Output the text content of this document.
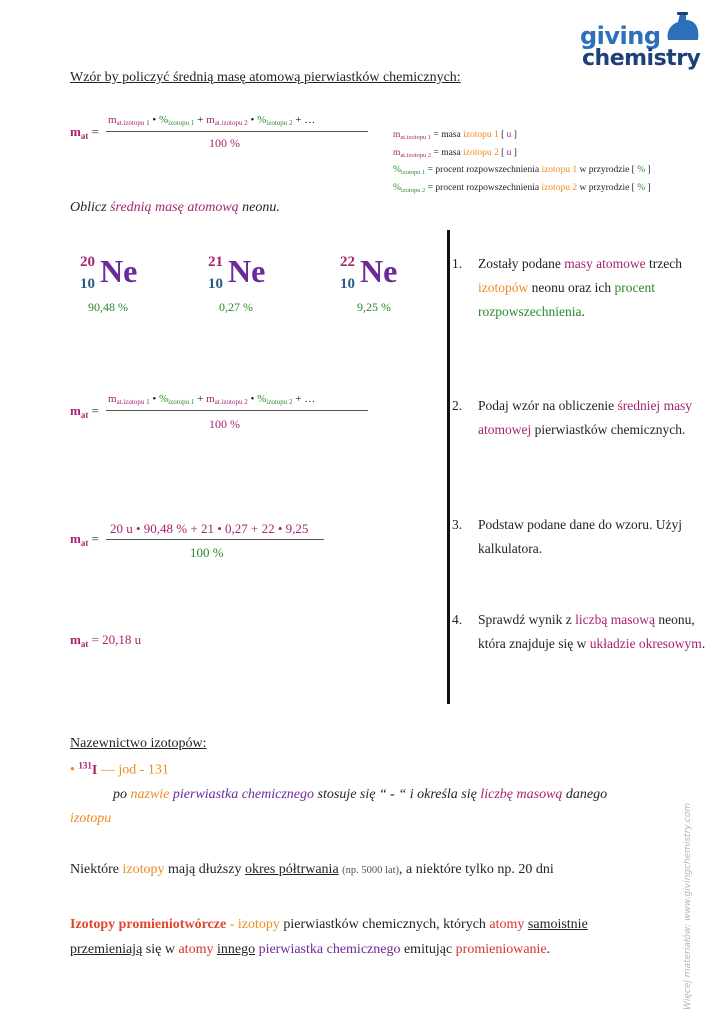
giving
chemistry
Wzór by policzyć średnią masę atomową pierwiastków chemicznych:
$m_{at}$ =
mat.izotopu 1 • %izotopu 1 + mat.izotopu 2 • %izotopu 2 + …
100 %
$m_{at.izotopu 1}$ = masa izotopu 1 [ u ]
$m_{at.izotopu 2}$ = masa izotopu 2 [ u ]
$\%_{izotopu 1}$ = procent rozpowszechnienia izotopu 1 w przyrodzie [ % ]
$\%_{izotopu 2}$ = procent rozpowszechnienia izotopu 2 w przyrodzie [ % ]
Oblicz średnią masę atomową neonu.
20
10 Ne
90,48 %
21
10 Ne
0,27 %
22
10 Ne
9,25 %
$m_{at}$ =
mat.izotopu 1 • %izotopu 1 + mat.izotopu 2 • %izotopu 2 + …
100 %
$m_{at}$ =
20 u • 90,48 % + 21 • 0,27 + 22 • 9,25
100 %
$m_{at} = 20,18$ u
1. Zostały podane masy atomowe trzech izotopów neonu oraz ich procent rozpowszechnienia.
2. Podaj wzór na obliczenie średniej masy atomowej pierwiastków chemicznych.
3. Podstaw podane dane do wzoru. Użyj kalkulatora.
4. Sprawdź wynik z liczbą masową neonu, która znajduje się w układzie okresowym.
Nazewnictwo izotopów:
• $^{131}$I — jod - 131
po nazwie pierwiastka chemicznego stosuje się “ - “ i określa się liczbę masową danego
izotopu
Niektóre izotopy mają dłuższy okres półtrwania (np. 5000 lat), a niektóre tylko np. 20 dni
Izotopy promieniotwórcze - izotopy pierwiastków chemicznych, których atomy samoistnie
przemieniają się w atomy innego pierwiastka chemicznego emitując promieniowanie.	Więcej materiałów: www.givingchemistry.com
